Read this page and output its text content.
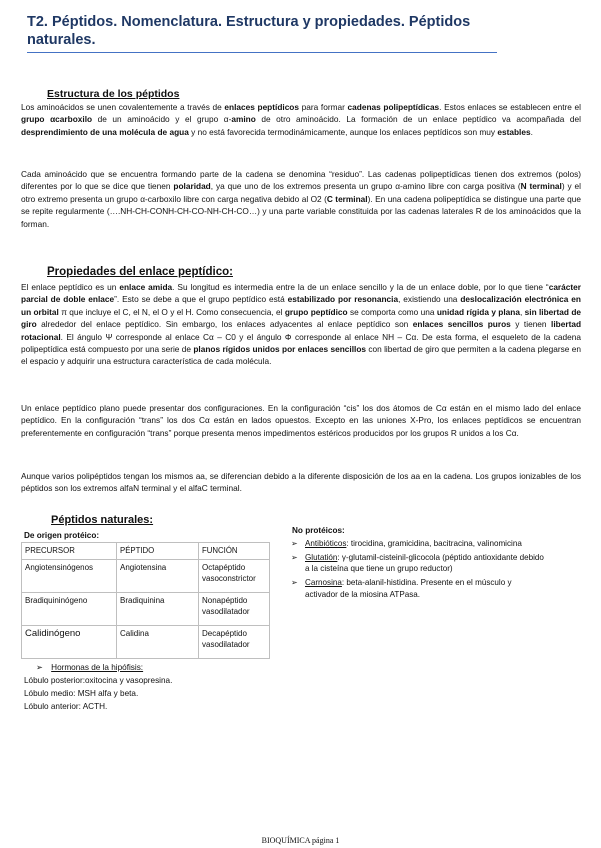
T2. Péptidos. Nomenclatura. Estructura y propiedades. Péptidos naturales.
Estructura de los péptidos
Los aminoácidos se unen covalentemente a través de enlaces peptídicos para formar cadenas polipeptídicas. Estos enlaces se establecen entre el grupo αcarboxilo de un aminoácido y el grupo α-amino de otro aminoácido. La formación de un enlace peptídico va acompañada del desprendimiento de una molécula de agua y no está favorecida termodinámicamente, aunque los enlaces peptídicos son muy estables.
Cada aminoácido que se encuentra formando parte de la cadena se denomina “residuo”. Las cadenas polipeptídicas tienen dos extremos (polos) diferentes por lo que se dice que tienen polaridad, ya que uno de los extremos presenta un grupo α-amino libre con carga positiva (N terminal) y el otro extremo presenta un grupo α-carboxilo libre con carga negativa debido al O2 (C terminal). En una cadena polipeptídica se distingue una parte que se repite regularmente (….NH-CH-CONH-CH-CO-NH-CH-CO…) y una parte variable constituida por las cadenas laterales R de los aminoácidos que la forman.
Propiedades del enlace peptídico:
El enlace peptídico es un enlace amida. Su longitud es intermedia entre la de un enlace sencillo y la de un enlace doble, por lo que tiene “carácter parcial de doble enlace”. Esto se debe a que el grupo peptídico está estabilizado por resonancia, existiendo una deslocalización electrónica en un orbital π que incluye el C, el N, el O y el H. Como consecuencia, el grupo peptídico se comporta como una unidad rígida y plana, sin libertad de giro alrededor del enlace peptídico. Sin embargo, los enlaces adyacentes al enlace peptídico son enlaces sencillos puros y tienen libertad rotacional. El ángulo Ψ corresponde al enlace Cα – C0 y el ángulo Φ corresponde al enlace NH – Cα. De esta forma, el esqueleto de la cadena polipeptídica está compuesto por una serie de planos rígidos unidos por enlaces sencillos con libertad de giro que permiten a la cadena plegarse en el espacio y adquirir una estructura característica de cada molécula.
Un enlace peptídico plano puede presentar dos configuraciones. En la configuración “cis” los dos átomos de Cα están en el mismo lado del enlace peptídico. En la configuración “trans” los dos Cα están en lados opuestos. Excepto en las uniones X-Pro, los enlaces peptídicos se encuentran preferentemente en configuración “trans” porque presenta menos impedimentos estéricos producidos por los grupos R unidos a los Cα.
Aunque varios polipéptidos tengan los mismos aa, se diferencian debido a la diferente disposición de los aa en la cadena. Los grupos ionizables de los péptidos son los extremos alfaN terminal y el alfaC terminal.
Péptidos naturales:
De origen protéico:
PRECURSOR	PÉPTIDO	FUNCIÓN
Angiotensinógenos	Angiotensina	Octapéptido vasoconstrictor
Bradiquininógeno	Bradiquinina	Nonapéptido vasodilatador
Calidinógeno	Calidina	Decapéptido vasodilatador
➢ Hormonas de la hipófisis:
Lóbulo posterior:oxitocina y vasopresina.
Lóbulo medio: MSH alfa y beta.
Lóbulo anterior: ACTH.
No protéicos:
➢ Antibióticos: tirocidina, gramicidina, bacitracina, valinomicina
➢ Glutatión: γ-glutamil-cisteinil-glicocola (péptido antioxidante debido a la cisteína que tiene un grupo reductor)
➢ Carnosina: beta-alanil-histidina. Presente en el músculo y activador de la miosina ATPasa.
BIOQUÍMICA página 1
